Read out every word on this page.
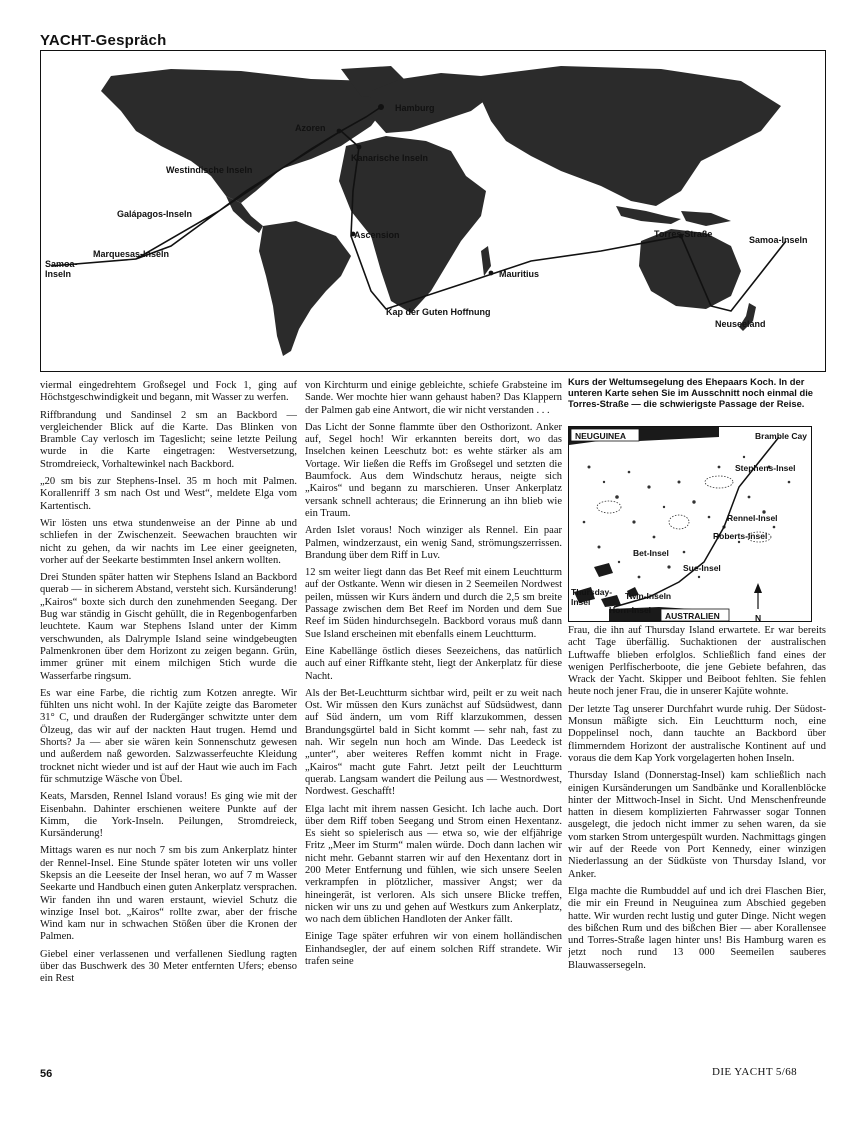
YACHT-Gespräch
Hamburg
Azoren
Kanarische Inseln
Westindische Inseln
Galápagos-Inseln
Marquesas-Inseln
Samoa-
Inseln
Ascension
Mauritius
Kap der Guten Hoffnung
Torres-Straße
Samoa-Inseln
Neuseeland
Kurs der Weltumsegelung des Ehepaars Koch. In der unteren Karte sehen Sie im Ausschnitt noch einmal die Torres-Straße — die schwierigste Passage der Reise.
NEUGUINEA	Bramble Cay
Stephens-Insel
Rennel-Insel
Roberts-Insel
Bet-Insel
Sue-Insel
Thursday-
Insel
Twin-Inseln
Horn-Insel
AUSTRALIEN	N

viermal eingedrehtem Großsegel und Fock 1, ging auf Höchstgeschwindigkeit und begann, mit Wasser zu werfen.

Riffbrandung und Sandinsel 2 sm an Backbord — vergleichender Blick auf die Karte. Das Blinken von Bramble Cay verlosch im Tageslicht; seine letzte Peilung wurde in die Karte eingetragen: Westversetzung, Stromdreieck, Vorhaltewinkel nach Backbord.

„20 sm bis zur Stephens-Insel. 35 m hoch mit Palmen. Korallenriff 3 sm nach Ost und West“, meldete Elga vom Kartentisch.

Wir lösten uns etwa stundenweise an der Pinne ab und schliefen in der Zwischenzeit. Seewachen brauchten wir nicht zu gehen, da wir nachts im Lee einer geeigneten, vorher auf der Seekarte bestimmten Insel ankern wollten.

Drei Stunden später hatten wir Stephens Island an Backbord querab — in sicherem Abstand, versteht sich. Kursänderung! „Kairos“ boxte sich durch den zunehmenden Seegang. Der Bug war ständig in Gischt gehüllt, die in Regenbogenfarben leuchtete. Kaum war Stephens Island unter der Kimm verschwunden, als Dalrymple Island seine windgebeugten Palmenkronen über dem Horizont zu zeigen begann. Grün, immer grüner mit einem milchigen Stich wurde die Wasserfarbe ringsum.

Es war eine Farbe, die richtig zum Kotzen anregte. Wir fühlten uns nicht wohl. In der Kajüte zeigte das Barometer 31° C, und draußen der Rudergänger schwitzte unter dem Ölzeug, das wir auf der nackten Haut trugen. Hemd und Shorts? Ja — aber sie wären kein Sonnenschutz gewesen und außerdem naß geworden. Salzwasserfeuchte Kleidung trocknet nicht wieder und ist auf der Haut wie auch im Fach für schmutzige Wäsche von Übel.

Keats, Marsden, Rennel Island voraus! Es ging wie mit der Eisenbahn. Dahinter erschienen weitere Punkte auf der Kimm, die York-Inseln. Peilungen, Stromdreieck, Kursänderung!

Mittags waren es nur noch 7 sm bis zum Ankerplatz hinter der Rennel-Insel. Eine Stunde später loteten wir uns voller Skepsis an die Leeseite der Insel heran, wo auf 7 m Wasser Seekarte und Handbuch einen guten Ankerplatz versprachen. Wir fanden ihn und waren erstaunt, wieviel Schutz die winzige Insel bot. „Kairos“ rollte zwar, aber der frische Wind kam nur in schwachen Stößen über die Kronen der Palmen.

Giebel einer verlassenen und verfallenen Siedlung ragten über das Buschwerk des 30 Meter entfernten Ufers; ebenso ein Rest

von Kirchturm und einige gebleichte, schiefe Grabsteine im Sande. Wer mochte hier wann gehaust haben? Das Klappern der Palmen gab eine Antwort, die wir nicht verstanden . . .

Das Licht der Sonne flammte über den Osthorizont. Anker auf, Segel hoch! Wir erkannten bereits dort, wo das Inselchen keinen Leeschutz bot: es wehte stärker als am Vortage. Wir ließen die Reffs im Großsegel und setzten die Baumfock. Aus dem Windschutz heraus, neigte sich „Kairos“ und begann zu marschieren. Unser Ankerplatz versank schnell achteraus; die Erinnerung an ihn blieb wie ein Traum.

Arden Islet voraus! Noch winziger als Rennel. Ein paar Palmen, windzerzaust, ein wenig Sand, strömungszerrissen. Brandung über dem Riff in Luv.

12 sm weiter liegt dann das Bet Reef mit einem Leuchtturm auf der Ostkante. Wenn wir diesen in 2 Seemeilen Nordwest peilen, müssen wir Kurs ändern und durch die 2,5 sm breite Passage zwischen dem Bet Reef im Norden und dem Sue Reef im Süden hindurchsegeln. Backbord voraus muß dann Sue Island erscheinen mit ebenfalls einem Leuchtturm.

Eine Kabellänge östlich dieses Seezeichens, das natürlich auch auf einer Riffkante steht, liegt der Ankerplatz für diese Nacht.

Als der Bet-Leuchtturm sichtbar wird, peilt er zu weit nach Ost. Wir müssen den Kurs zunächst auf Südsüdwest, dann auf Süd ändern, um vom Riff klarzukommen, dessen Brandungsgürtel bald in Sicht kommt — sehr nah, fast zu nah. Wir segeln nun hoch am Winde. Das Leedeck ist „unter“, aber weiteres Reffen kommt nicht in Frage. „Kairos“ macht gute Fahrt. Jetzt peilt der Leuchtturm querab. Langsam wandert die Peilung aus — Westnordwest, Nordwest. Geschafft!

Elga lacht mit ihrem nassen Gesicht. Ich lache auch. Dort über dem Riff toben Seegang und Strom einen Hexentanz. Es sieht so spielerisch aus — etwa so, wie der elfjährige Fritz „Meer im Sturm“ malen würde. Doch dann lachen wir nicht mehr. Gebannt starren wir auf den Hexentanz dort in 200 Meter Entfernung und fühlen, wie sich unsere Seelen verkrampfen in plötzlicher, massiver Angst; wer da hineingerät, ist verloren. Als sich unsere Blicke treffen, nicken wir uns zu und gehen auf Westkurs zum Ankerplatz, wo nach dem üblichen Handloten der Anker fällt.

Einige Tage später erfuhren wir von einem holländischen Einhandsegler, der auf einem solchen Riff strandete. Wir trafen seine

Frau, die ihn auf Thursday Island erwartete. Er war bereits acht Tage überfällig. Suchaktionen der australischen Luftwaffe blieben erfolglos. Schließlich fand eines der wenigen Perlfischerboote, die jene Gebiete befahren, das Wrack der Yacht. Skipper und Beiboot fehlten. Sie fehlen heute noch jener Frau, die in unserer Kajüte wohnte.

Der letzte Tag unserer Durchfahrt wurde ruhig. Der Südost-Monsun mäßigte sich. Ein Leuchtturm noch, eine Doppelinsel noch, dann tauchte an Backbord über flimmerndem Horizont der australische Kontinent auf und voraus die dem Kap York vorgelagerten hohen Inseln.

Thursday Island (Donnerstag-Insel) kam schließlich nach einigen Kursänderungen um Sandbänke und Korallenblöcke hinter der Mittwoch-Insel in Sicht. Und Menschenfreunde hatten in diesem komplizierten Fahrwasser sogar Tonnen ausgelegt, die jedoch nicht immer zu sehen waren, da sie vom starken Strom untergespült wurden. Nachmittags gingen wir auf der Reede von Port Kennedy, einer winzigen Niederlassung an der Südküste von Thursday Island, vor Anker.

Elga machte die Rumbuddel auf und ich drei Flaschen Bier, die mir ein Freund in Neuguinea zum Abschied gegeben hatte. Wir wurden recht lustig und guter Dinge. Nicht wegen des bißchen Rum und des bißchen Bier — aber Korallensee und Torres-Straße lagen hinter uns! Bis Hamburg waren es jetzt noch rund 13 000 Seemeilen sauberes Blauwassersegeln.

56	DIE YACHT 5/68
